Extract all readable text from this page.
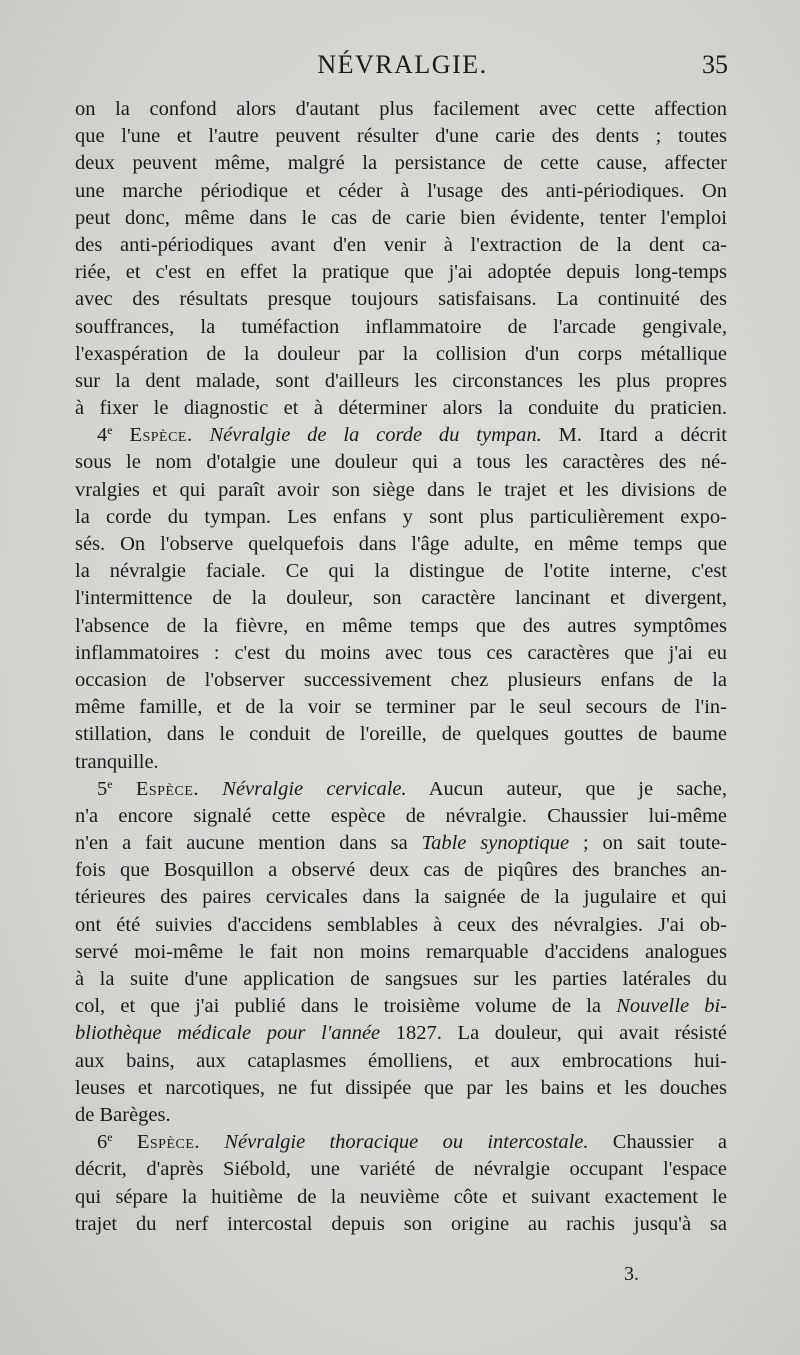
NÉVRALGIE.	35
on la confond alors d'autant plus facilement avec cette affection
que l'une et l'autre peuvent résulter d'une carie des dents ; toutes
deux peuvent même, malgré la persistance de cette cause, affecter
une marche périodique et céder à l'usage des anti-périodiques. On
peut donc, même dans le cas de carie bien évidente, tenter l'emploi
des anti-périodiques avant d'en venir à l'extraction de la dent ca-
riée, et c'est en effet la pratique que j'ai adoptée depuis long-temps
avec des résultats presque toujours satisfaisans. La continuité des
souffrances, la tuméfaction inflammatoire de l'arcade gengivale,
l'exaspération de la douleur par la collision d'un corps métallique
sur la dent malade, sont d'ailleurs les circonstances les plus propres
à fixer le diagnostic et à déterminer alors la conduite du praticien.
4e Espèce. Névralgie de la corde du tympan. M. Itard a décrit
sous le nom d'otalgie une douleur qui a tous les caractères des né-
vralgies et qui paraît avoir son siège dans le trajet et les divisions de
la corde du tympan. Les enfans y sont plus particulièrement expo-
sés. On l'observe quelquefois dans l'âge adulte, en même temps que
la névralgie faciale. Ce qui la distingue de l'otite interne, c'est
l'intermittence de la douleur, son caractère lancinant et divergent,
l'absence de la fièvre, en même temps que des autres symptômes
inflammatoires : c'est du moins avec tous ces caractères que j'ai eu
occasion de l'observer successivement chez plusieurs enfans de la
même famille, et de la voir se terminer par le seul secours de l'in-
stillation, dans le conduit de l'oreille, de quelques gouttes de baume
tranquille.
5e Espèce. Névralgie cervicale. Aucun auteur, que je sache,
n'a encore signalé cette espèce de névralgie. Chaussier lui-même
n'en a fait aucune mention dans sa Table synoptique ; on sait toute-
fois que Bosquillon a observé deux cas de piqûres des branches an-
térieures des paires cervicales dans la saignée de la jugulaire et qui
ont été suivies d'accidens semblables à ceux des névralgies. J'ai ob-
servé moi-même le fait non moins remarquable d'accidens analogues
à la suite d'une application de sangsues sur les parties latérales du
col, et que j'ai publié dans le troisième volume de la Nouvelle bi-
bliothèque médicale pour l'année 1827. La douleur, qui avait résisté
aux bains, aux cataplasmes émolliens, et aux embrocations hui-
leuses et narcotiques, ne fut dissipée que par les bains et les douches
de Barèges.
6e Espèce. Névralgie thoracique ou intercostale. Chaussier a
décrit, d'après Siébold, une variété de névralgie occupant l'espace
qui sépare la huitième de la neuvième côte et suivant exactement le
trajet du nerf intercostal depuis son origine au rachis jusqu'à sa
3.
